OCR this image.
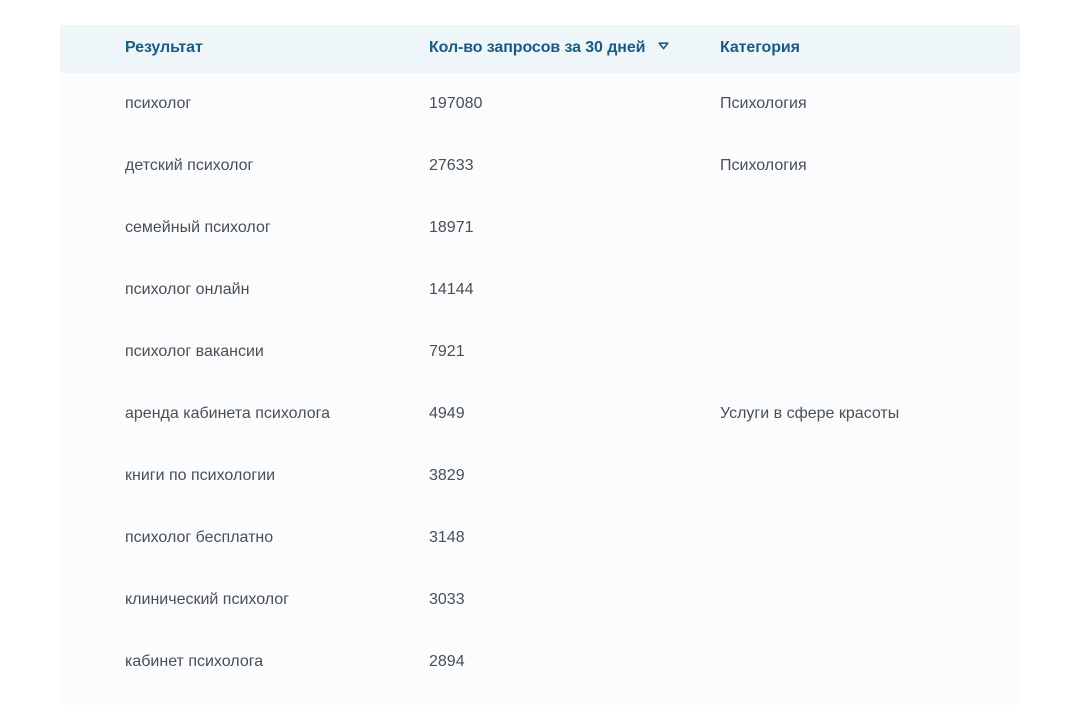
Результат	Кол-во запросов за 30 дней	Категория
психолог	197080	Психология
детский психолог	27633	Психология
семейный психолог	18971
психолог онлайн	14144
психолог вакансии	7921
аренда кабинета психолога	4949	Услуги в сфере красоты
книги по психологии	3829
психолог бесплатно	3148
клинический психолог	3033
кабинет психолога	2894
